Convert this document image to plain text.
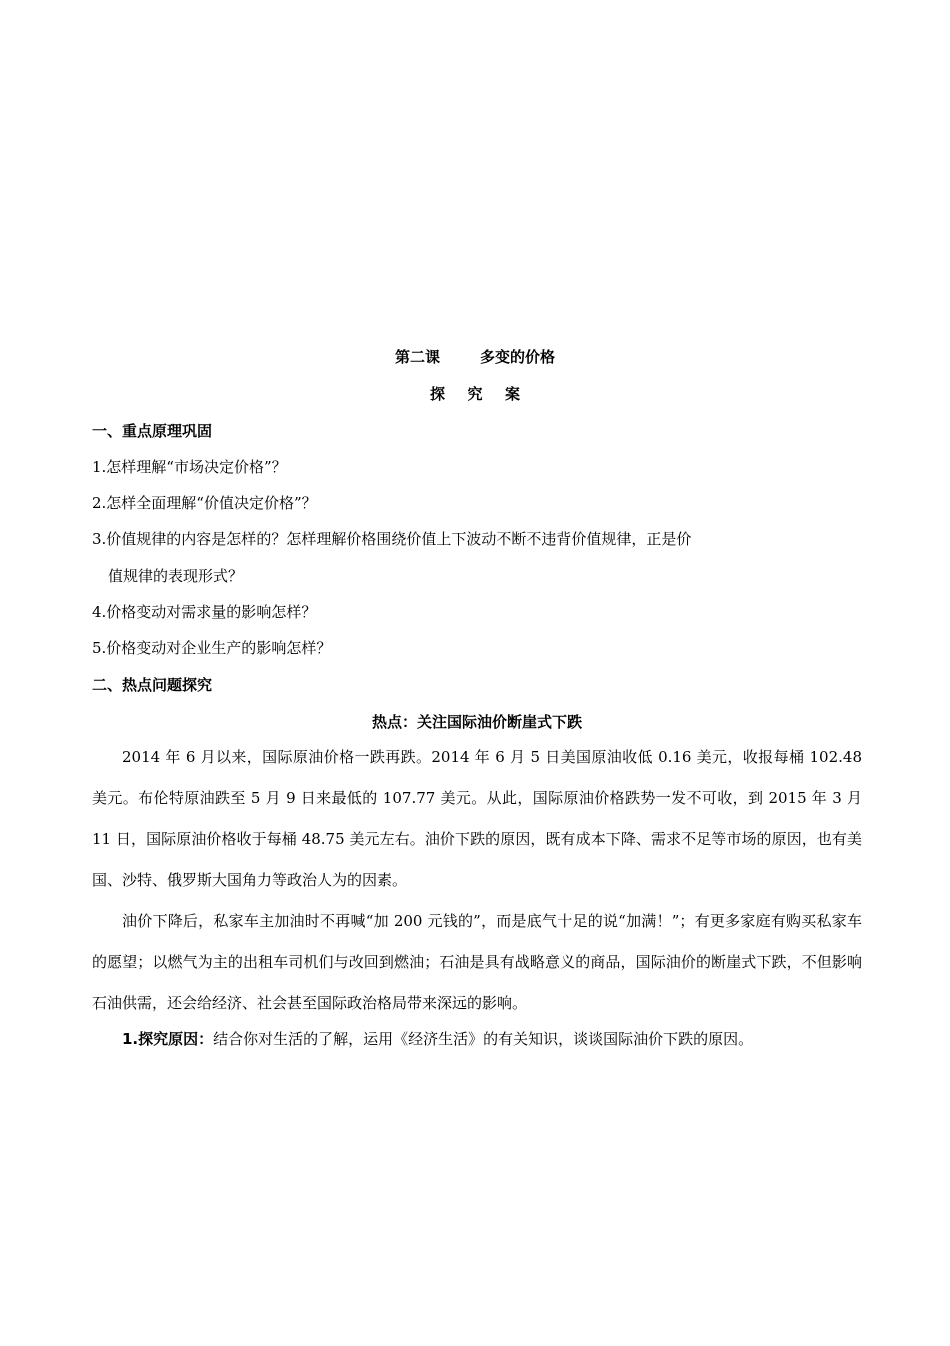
第二课	多变的价格
探究案
一、重点原理巩固
1.怎样理解“市场决定价格”？
2.怎样全面理解“价值决定价格”？
3.价值规律的内容是怎样的？怎样理解价格围绕价值上下波动不断不违背价值规律，正是价
值规律的表现形式？
4.价格变动对需求量的影响怎样？
5.价格变动对企业生产的影响怎样？
二、热点问题探究
热点：关注国际油价断崖式下跌
2014 年 6 月以来，国际原油价格一跌再跌。2014 年 6 月 5 日美国原油收低 0.16 美元，收报每桶 102.48 美元。布伦特原油跌至 5 月 9 日来最低的 107.77 美元。从此，国际原油价格跌势一发不可收，到 2015 年 3 月 11 日，国际原油价格收于每桶 48.75 美元左右。油价下跌的原因，既有成本下降、需求不足等市场的原因，也有美国、沙特、俄罗斯大国角力等政治人为的因素。
油价下降后，私家车主加油时不再喊“加 200 元钱的”，而是底气十足的说“加满！”；有更多家庭有购买私家车的愿望；以燃气为主的出租车司机们与改回到燃油；石油是具有战略意义的商品，国际油价的断崖式下跌，不但影响石油供需，还会给经济、社会甚至国际政治格局带来深远的影响。
1.探究原因：结合你对生活的了解，运用《经济生活》的有关知识，谈谈国际油价下跌的原因。
